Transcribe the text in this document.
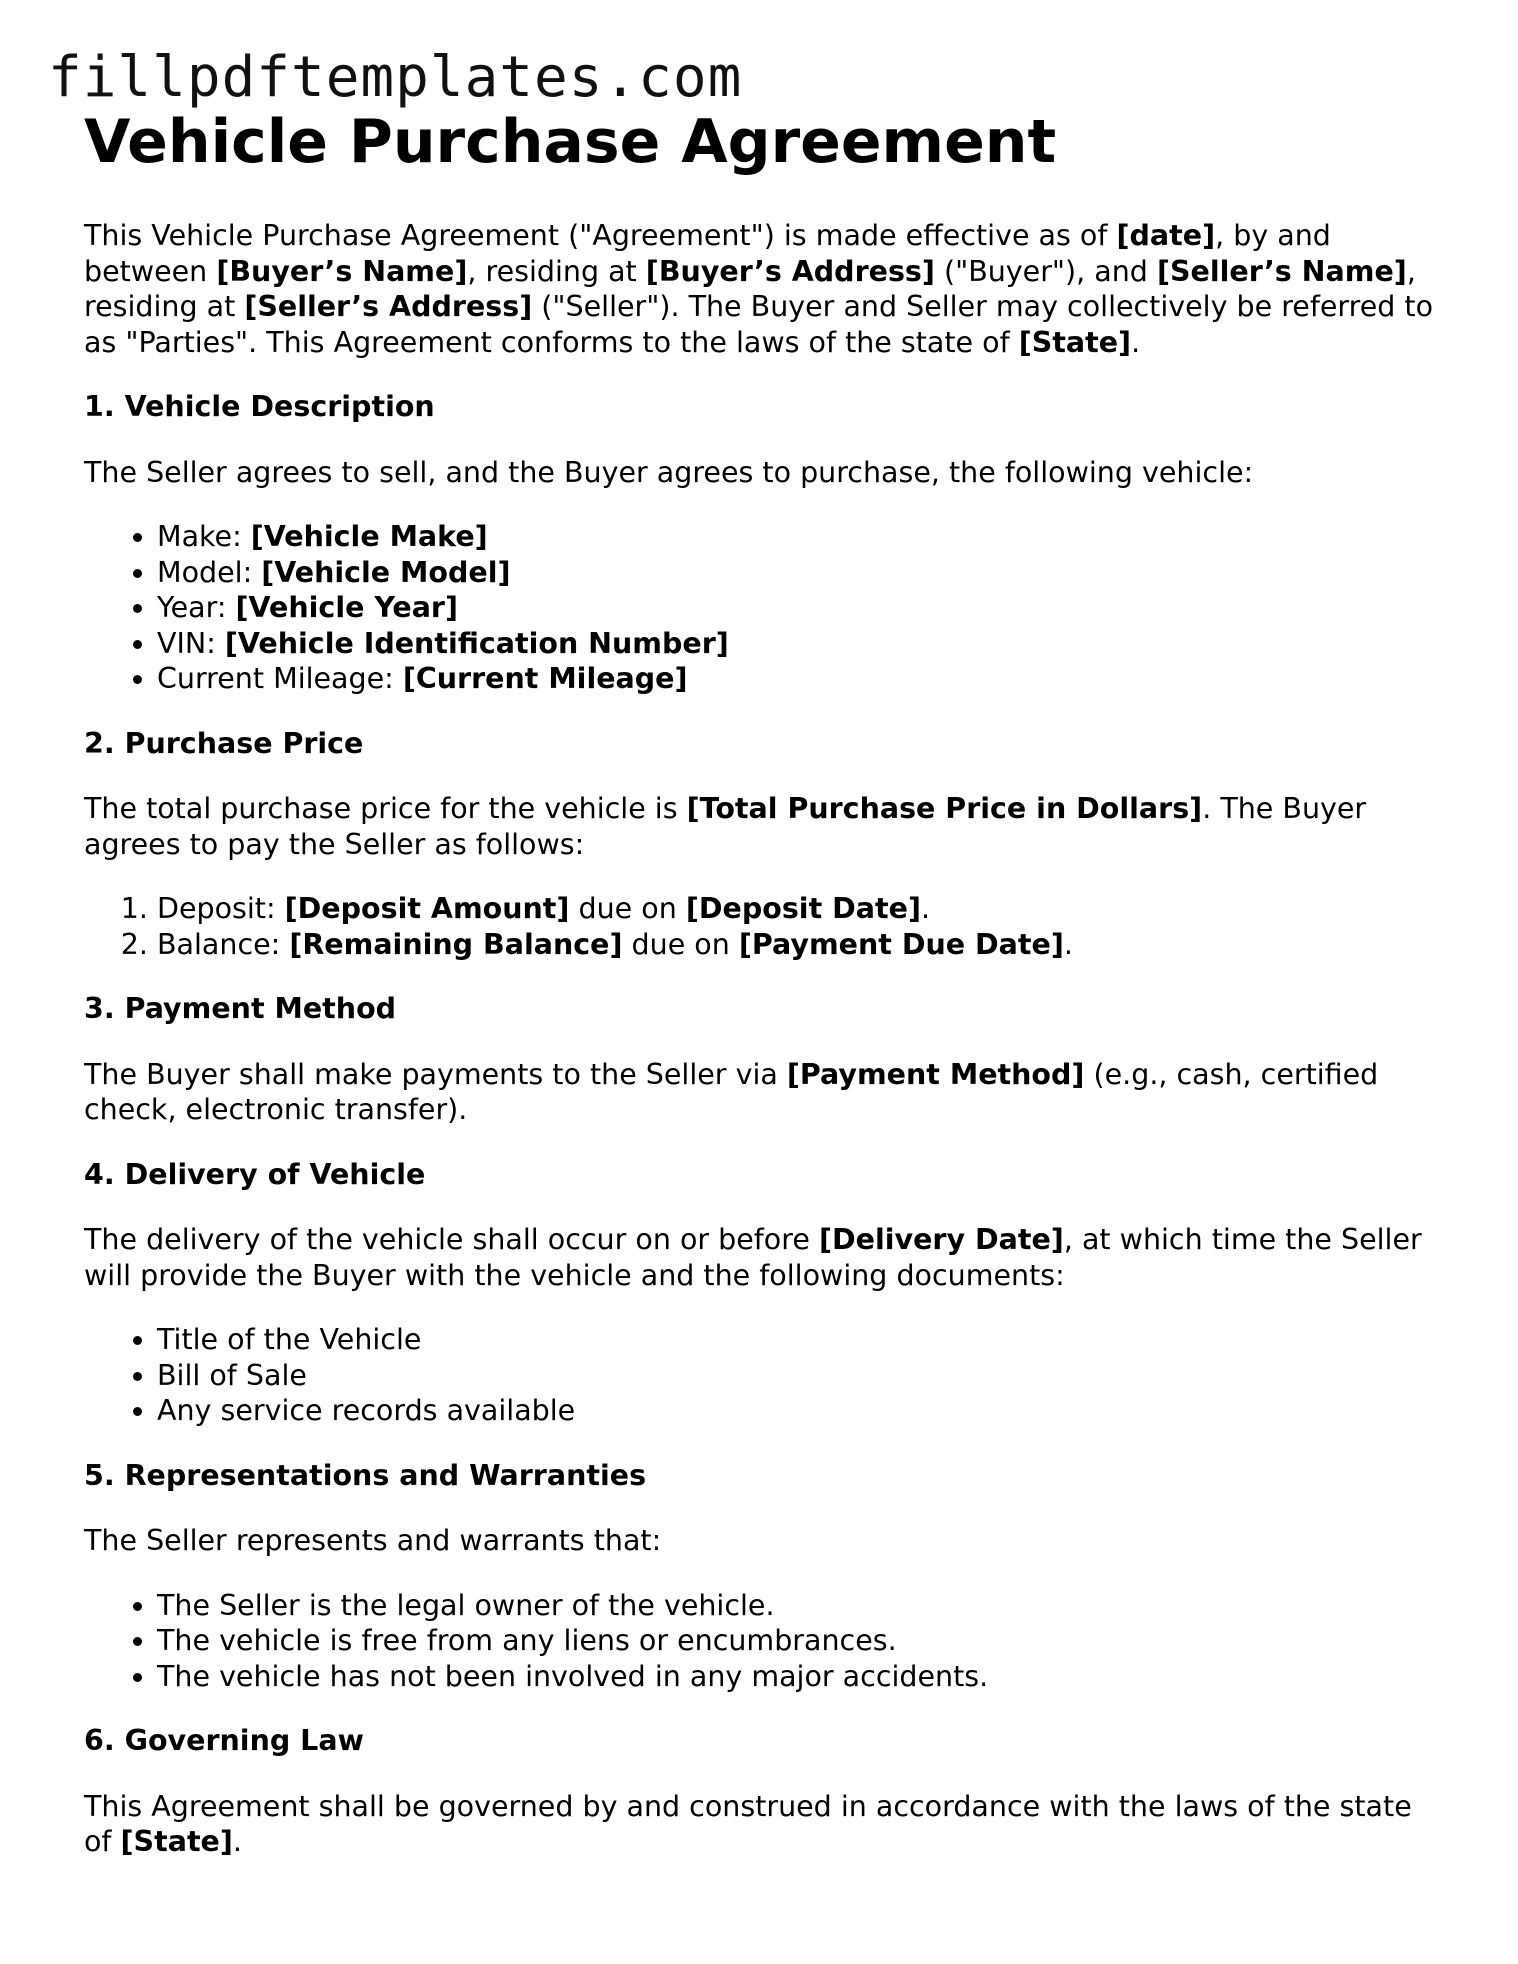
fillpdftemplates.com
Vehicle Purchase Agreement

This Vehicle Purchase Agreement ("Agreement") is made effective as of [date], by and between [Buyer’s Name], residing at [Buyer’s Address] ("Buyer"), and [Seller’s Name], residing at [Seller’s Address] ("Seller"). The Buyer and Seller may collectively be referred to as "Parties". This Agreement conforms to the laws of the state of [State].

1. Vehicle Description

The Seller agrees to sell, and the Buyer agrees to purchase, the following vehicle:

• Make: [Vehicle Make]
• Model: [Vehicle Model]
• Year: [Vehicle Year]
• VIN: [Vehicle Identification Number]
• Current Mileage: [Current Mileage]
2. Purchase Price

The total purchase price for the vehicle is [Total Purchase Price in Dollars]. The Buyer agrees to pay the Seller as follows:

1. Deposit: [Deposit Amount] due on [Deposit Date].
2. Balance: [Remaining Balance] due on [Payment Due Date].
3. Payment Method

The Buyer shall make payments to the Seller via [Payment Method] (e.g., cash, certified check, electronic transfer).

4. Delivery of Vehicle

The delivery of the vehicle shall occur on or before [Delivery Date], at which time the Seller will provide the Buyer with the vehicle and the following documents:

• Title of the Vehicle
• Bill of Sale
• Any service records available
5. Representations and Warranties

The Seller represents and warrants that:

• The Seller is the legal owner of the vehicle.
• The vehicle is free from any liens or encumbrances.
• The vehicle has not been involved in any major accidents.
6. Governing Law

This Agreement shall be governed by and construed in accordance with the laws of the state of [State].
